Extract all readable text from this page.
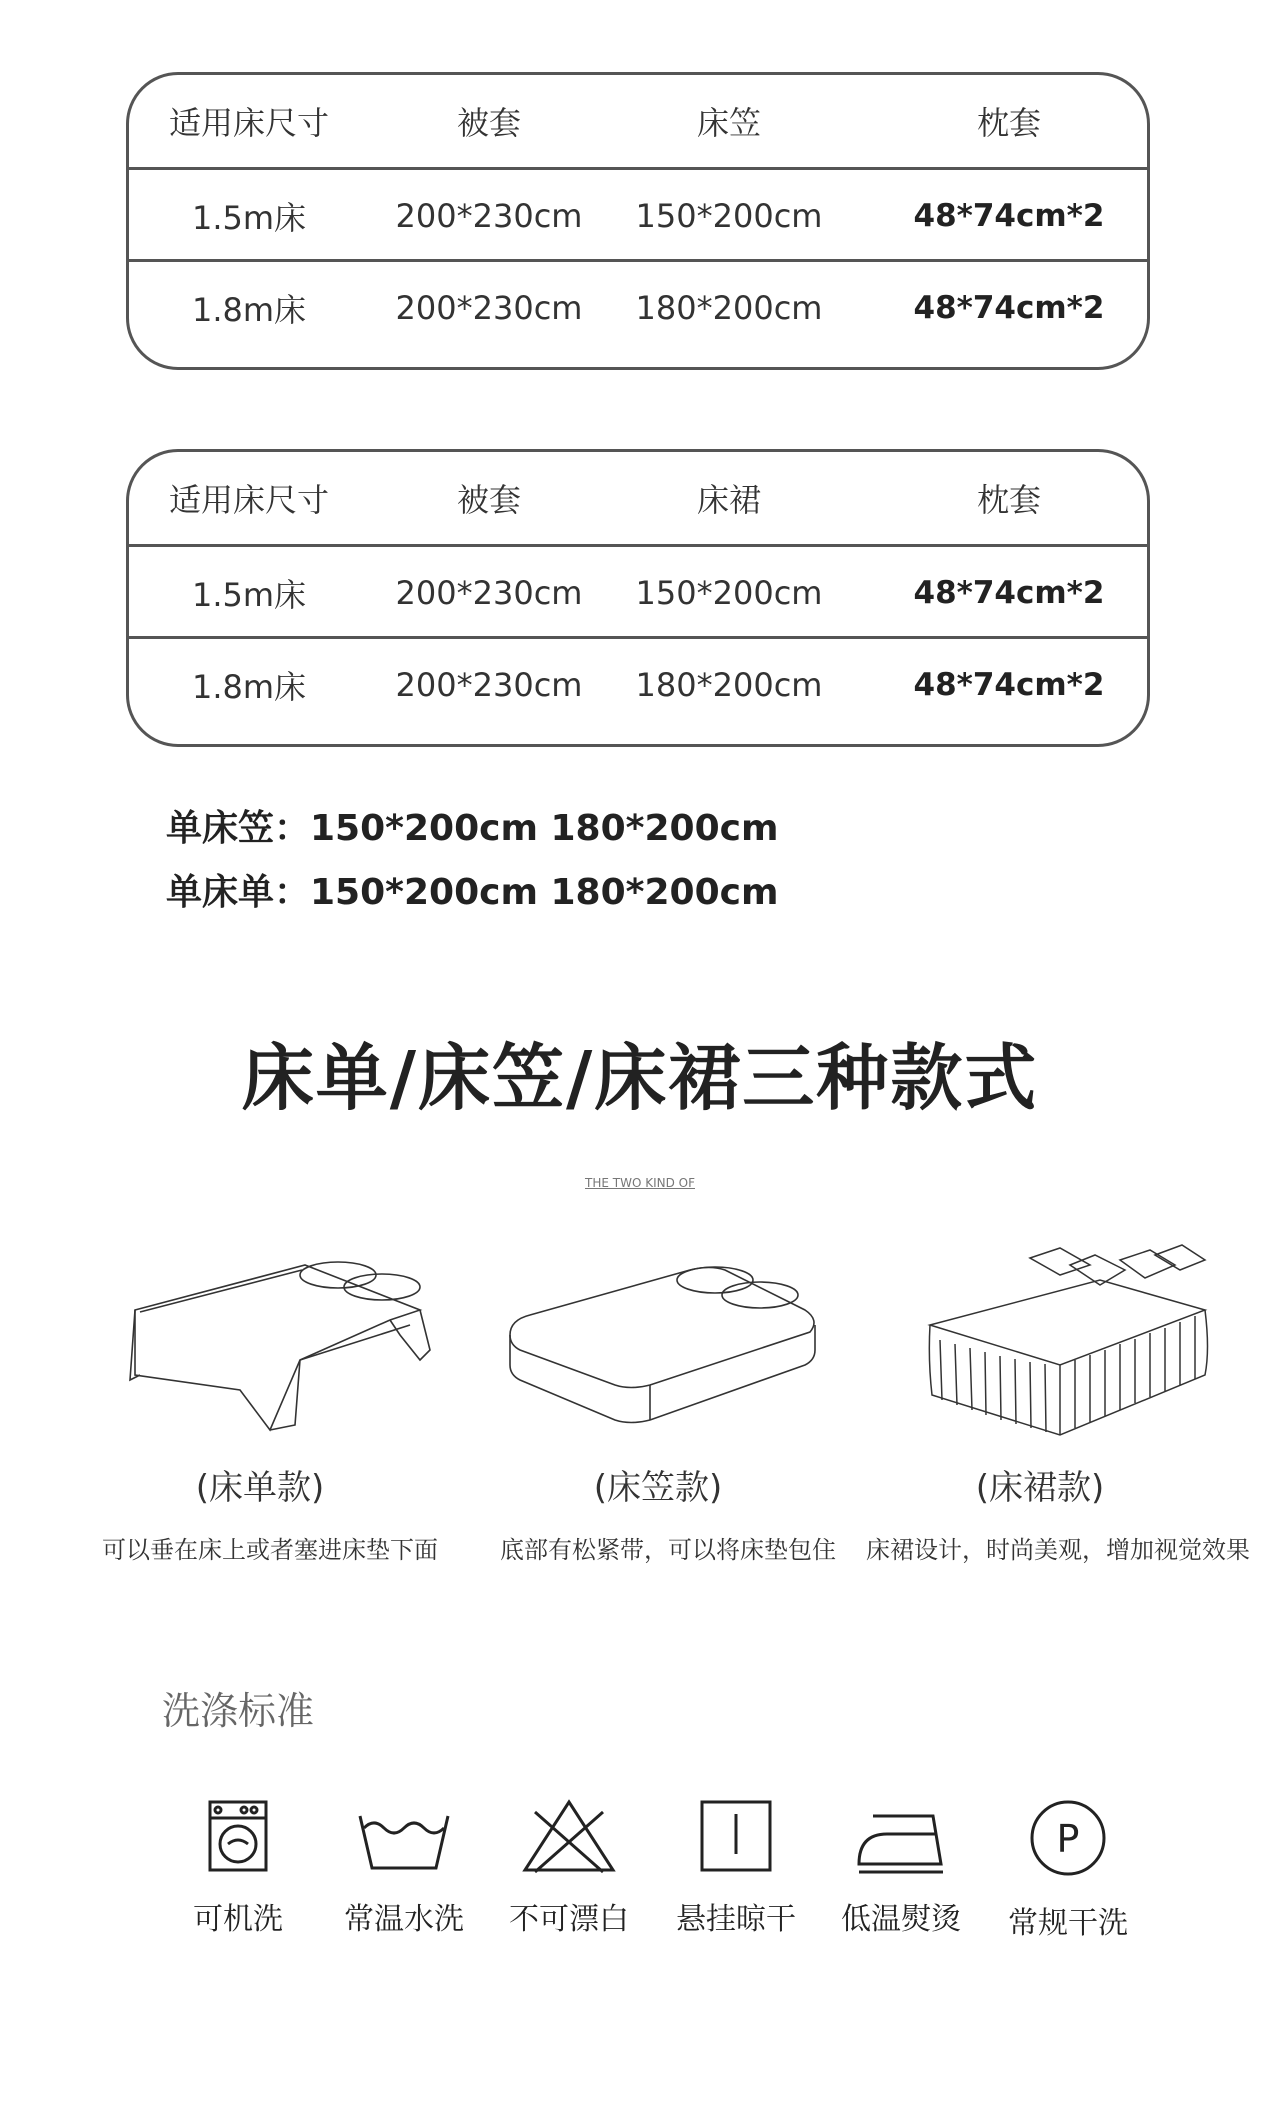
适用床尺寸	被套	床笠	枕套
1.5m床	200*230cm	150*200cm	48*74cm*2
1.8m床	200*230cm	180*200cm	48*74cm*2
适用床尺寸	被套	床裙	枕套
1.5m床	200*230cm	150*200cm	48*74cm*2
1.8m床	200*230cm	180*200cm	48*74cm*2
单床笠：150*200cm 180*200cm
单床单：150*200cm 180*200cm
床单/床笠/床裙三种款式
THE TWO KIND OF
(床单款)	(床笠款)	(床裙款)
可以垂在床上或者塞进床垫下面	底部有松紧带，可以将床垫包住	床裙设计，时尚美观，增加视觉效果
洗涤标准
可机洗	常温水洗	不可漂白	悬挂晾干	低温熨烫
P
常规干洗
